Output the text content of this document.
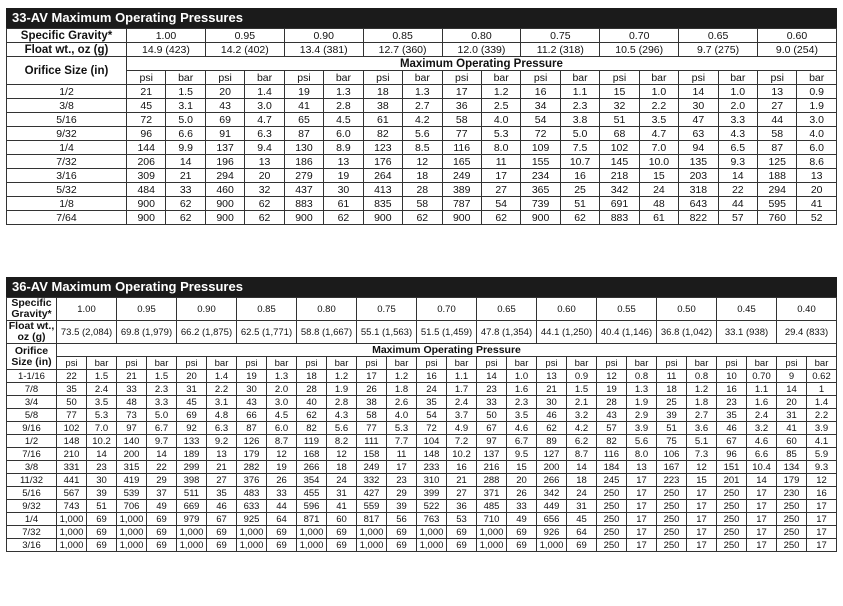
33-AV Maximum Operating Pressures
Specific Gravity*	1.00		0.95		0.90		0.85		0.80		0.75		0.70		0.65		0.60	
Float wt., oz (g)	14.9 (423)		14.2 (402)		13.4 (381)		12.7 (360)		12.0 (339)		11.2 (318)		10.5 (296)		9.7 (275)		9.0 (254)	
Orifice Size (in)	Maximum Operating Pressure																	
	psi	bar	psi	bar	psi	bar	psi	bar	psi	bar	psi	bar	psi	bar	psi	bar	psi	bar
1/2	21	1.5	20	1.4	19	1.3	18	1.3	17	1.2	16	1.1	15	1.0	14	1.0	13	0.9
3/8	45	3.1	43	3.0	41	2.8	38	2.7	36	2.5	34	2.3	32	2.2	30	2.0	27	1.9
5/16	72	5.0	69	4.7	65	4.5	61	4.2	58	4.0	54	3.8	51	3.5	47	3.3	44	3.0
9/32	96	6.6	91	6.3	87	6.0	82	5.6	77	5.3	72	5.0	68	4.7	63	4.3	58	4.0
1/4	144	9.9	137	9.4	130	8.9	123	8.5	116	8.0	109	7.5	102	7.0	94	6.5	87	6.0
7/32	206	14	196	13	186	13	176	12	165	11	155	10.7	145	10.0	135	9.3	125	8.6
3/16	309	21	294	20	279	19	264	18	249	17	234	16	218	15	203	14	188	13
5/32	484	33	460	32	437	30	413	28	389	27	365	25	342	24	318	22	294	20
1/8	900	62	900	62	883	61	835	58	787	54	739	51	691	48	643	44	595	41
7/64	900	62	900	62	900	62	900	62	900	62	900	62	883	61	822	57	760	52
36-AV Maximum Operating Pressures
Specific Gravity*	1.00		0.95		0.90		0.85		0.80		0.75		0.70		0.65		0.60		0.55		0.50		0.45		0.40	
Float wt., oz (g)	73.5 (2,084)		69.8 (1,979)		66.2 (1,875)		62.5 (1,771)		58.8 (1,667)		55.1 (1,563)		51.5 (1,459)		47.8 (1,354)		44.1 (1,250)		40.4 (1,146)		36.8 (1,042)		33.1 (938)		29.4 (833)	
Orifice Size (in)	Maximum Operating Pressure																									
	psi	bar	psi	bar	psi	bar	psi	bar	psi	bar	psi	bar	psi	bar	psi	bar	psi	bar	psi	bar	psi	bar	psi	bar	psi	bar
1-1/16	22	1.5	21	1.5	20	1.4	19	1.3	18	1.2	17	1.2	16	1.1	14	1.0	13	0.9	12	0.8	11	0.8	10	0.70	9	0.62
7/8	35	2.4	33	2.3	31	2.2	30	2.0	28	1.9	26	1.8	24	1.7	23	1.6	21	1.5	19	1.3	18	1.2	16	1.1	14	1
3/4	50	3.5	48	3.3	45	3.1	43	3.0	40	2.8	38	2.6	35	2.4	33	2.3	30	2.1	28	1.9	25	1.8	23	1.6	20	1.4
5/8	77	5.3	73	5.0	69	4.8	66	4.5	62	4.3	58	4.0	54	3.7	50	3.5	46	3.2	43	2.9	39	2.7	35	2.4	31	2.2
9/16	102	7.0	97	6.7	92	6.3	87	6.0	82	5.6	77	5.3	72	4.9	67	4.6	62	4.2	57	3.9	51	3.6	46	3.2	41	3.9
1/2	148	10.2	140	9.7	133	9.2	126	8.7	119	8.2	111	7.7	104	7.2	97	6.7	89	6.2	82	5.6	75	5.1	67	4.6	60	4.1
7/16	210	14	200	14	189	13	179	12	168	12	158	11	148	10.2	137	9.5	127	8.7	116	8.0	106	7.3	96	6.6	85	5.9
3/8	331	23	315	22	299	21	282	19	266	18	249	17	233	16	216	15	200	14	184	13	167	12	151	10.4	134	9.3
11/32	441	30	419	29	398	27	376	26	354	24	332	23	310	21	288	20	266	18	245	17	223	15	201	14	179	12
5/16	567	39	539	37	511	35	483	33	455	31	427	29	399	27	371	26	342	24	250	17	250	17	250	17	230	16
9/32	743	51	706	49	669	46	633	44	596	41	559	39	522	36	485	33	449	31	250	17	250	17	250	17	250	17
1/4	1,000	69	1,000	69	979	67	925	64	871	60	817	56	763	53	710	49	656	45	250	17	250	17	250	17	250	17
7/32	1,000	69	1,000	69	1,000	69	1,000	69	1,000	69	1,000	69	1,000	69	1,000	69	926	64	250	17	250	17	250	17	250	17
3/16	1,000	69	1,000	69	1,000	69	1,000	69	1,000	69	1,000	69	1,000	69	1,000	69	1,000	69	250	17	250	17	250	17	250	17
